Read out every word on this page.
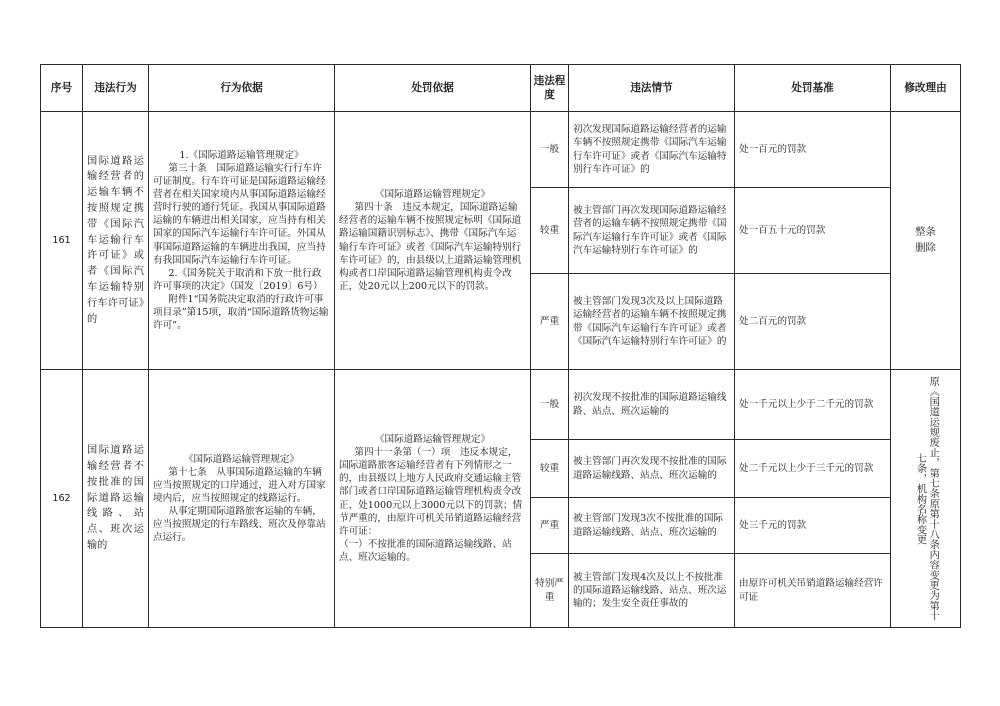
序号	违法行为	行为依据	处罚依据	违法程度	违法情节	处罚基准	修改理由
161	国际道路运输经营者的运输车辆不按照规定携带《国际汽车运输行车许可证》或者《国际汽车运输特别行车许可证》的	1.《国际道路运输管理规定》
第三十条　国际道路运输实行行车许可证制度。行车许可证是国际道路运输经营者在相关国家境内从事国际道路运输经营时行驶的通行凭证。我国从事国际道路运输的车辆进出相关国家，应当持有相关国家的国际汽车运输行车许可证。外国从事国际道路运输的车辆进出我国，应当持有我国国际汽车运输行车许可证。
2.《国务院关于取消和下放一批行政许可事项的决定》（国发〔2019〕6号）
附件1“国务院决定取消的行政许可事项目录”第15项，取消“国际道路货物运输许可”。	《国际道路运输管理规定》
第四十条　违反本规定，国际道路运输经营者的运输车辆不按照规定标明《国际道路运输国籍识别标志》、携带《国际汽车运输行车许可证》或者《国际汽车运输特别行车许可证》的，由县级以上道路运输管理机构或者口岸国际道路运输管理机构责令改正，处20元以上200元以下的罚款。	一般	初次发现国际道路运输经营者的运输车辆不按照规定携带《国际汽车运输行车许可证》或者《国际汽车运输特别行车许可证》的	处一百元的罚款	整条删除

				较重	被主管部门再次发现国际道路运输经营者的运输车辆不按照规定携带《国际汽车运输行车许可证》或者《国际汽车运输特别行车许可证》的	处一百五十元的罚款	
				严重	被主管部门发现3次及以上国际道路运输经营者的运输车辆不按照规定携带《国际汽车运输行车许可证》或者《国际汽车运输特别行车许可证》的	处二百元的罚款	
162	国际道路运输经营者不按批准的国际道路运输线路、站点、班次运输的	《国际道路运输管理规定》
第十七条　从事国际道路运输的车辆应当按照规定的口岸通过，进入对方国家境内后，应当按照规定的线路运行。
从事定期国际道路旅客运输的车辆，应当按照规定的行车路线、班次及停靠站点运行。	《国际道路运输管理规定》
第四十一条第（一）项　违反本规定，国际道路旅客运输经营者有下列情形之一的，由县级以上地方人民政府交通运输主管部门或者口岸国际道路运输管理机构责令改正，处1000元以上3000元以下的罚款；情节严重的，由原许可机关吊销道路运输经营许可证：
（一）不按批准的国际道路运输线路、站点、班次运输的。	一般	初次发现不按批准的国际道路运输线路、站点、班次运输的	处一千元以上少于二千元的罚款	原《国道运规废止，第七条原第十八条内容变更为第十七条，机构名称变更

				较重	被主管部门再次发现不按批准的国际道路运输线路、站点、班次运输的	处二千元以上少于三千元的罚款	
				严重	被主管部门发现3次不按批准的国际道路运输线路、站点、班次运输的	处三千元的罚款	
				特别严重	被主管部门发现4次及以上不按批准的国际道路运输线路、站点、班次运输的；发生安全责任事故的	由原许可机关吊销道路运输经营许可证	
